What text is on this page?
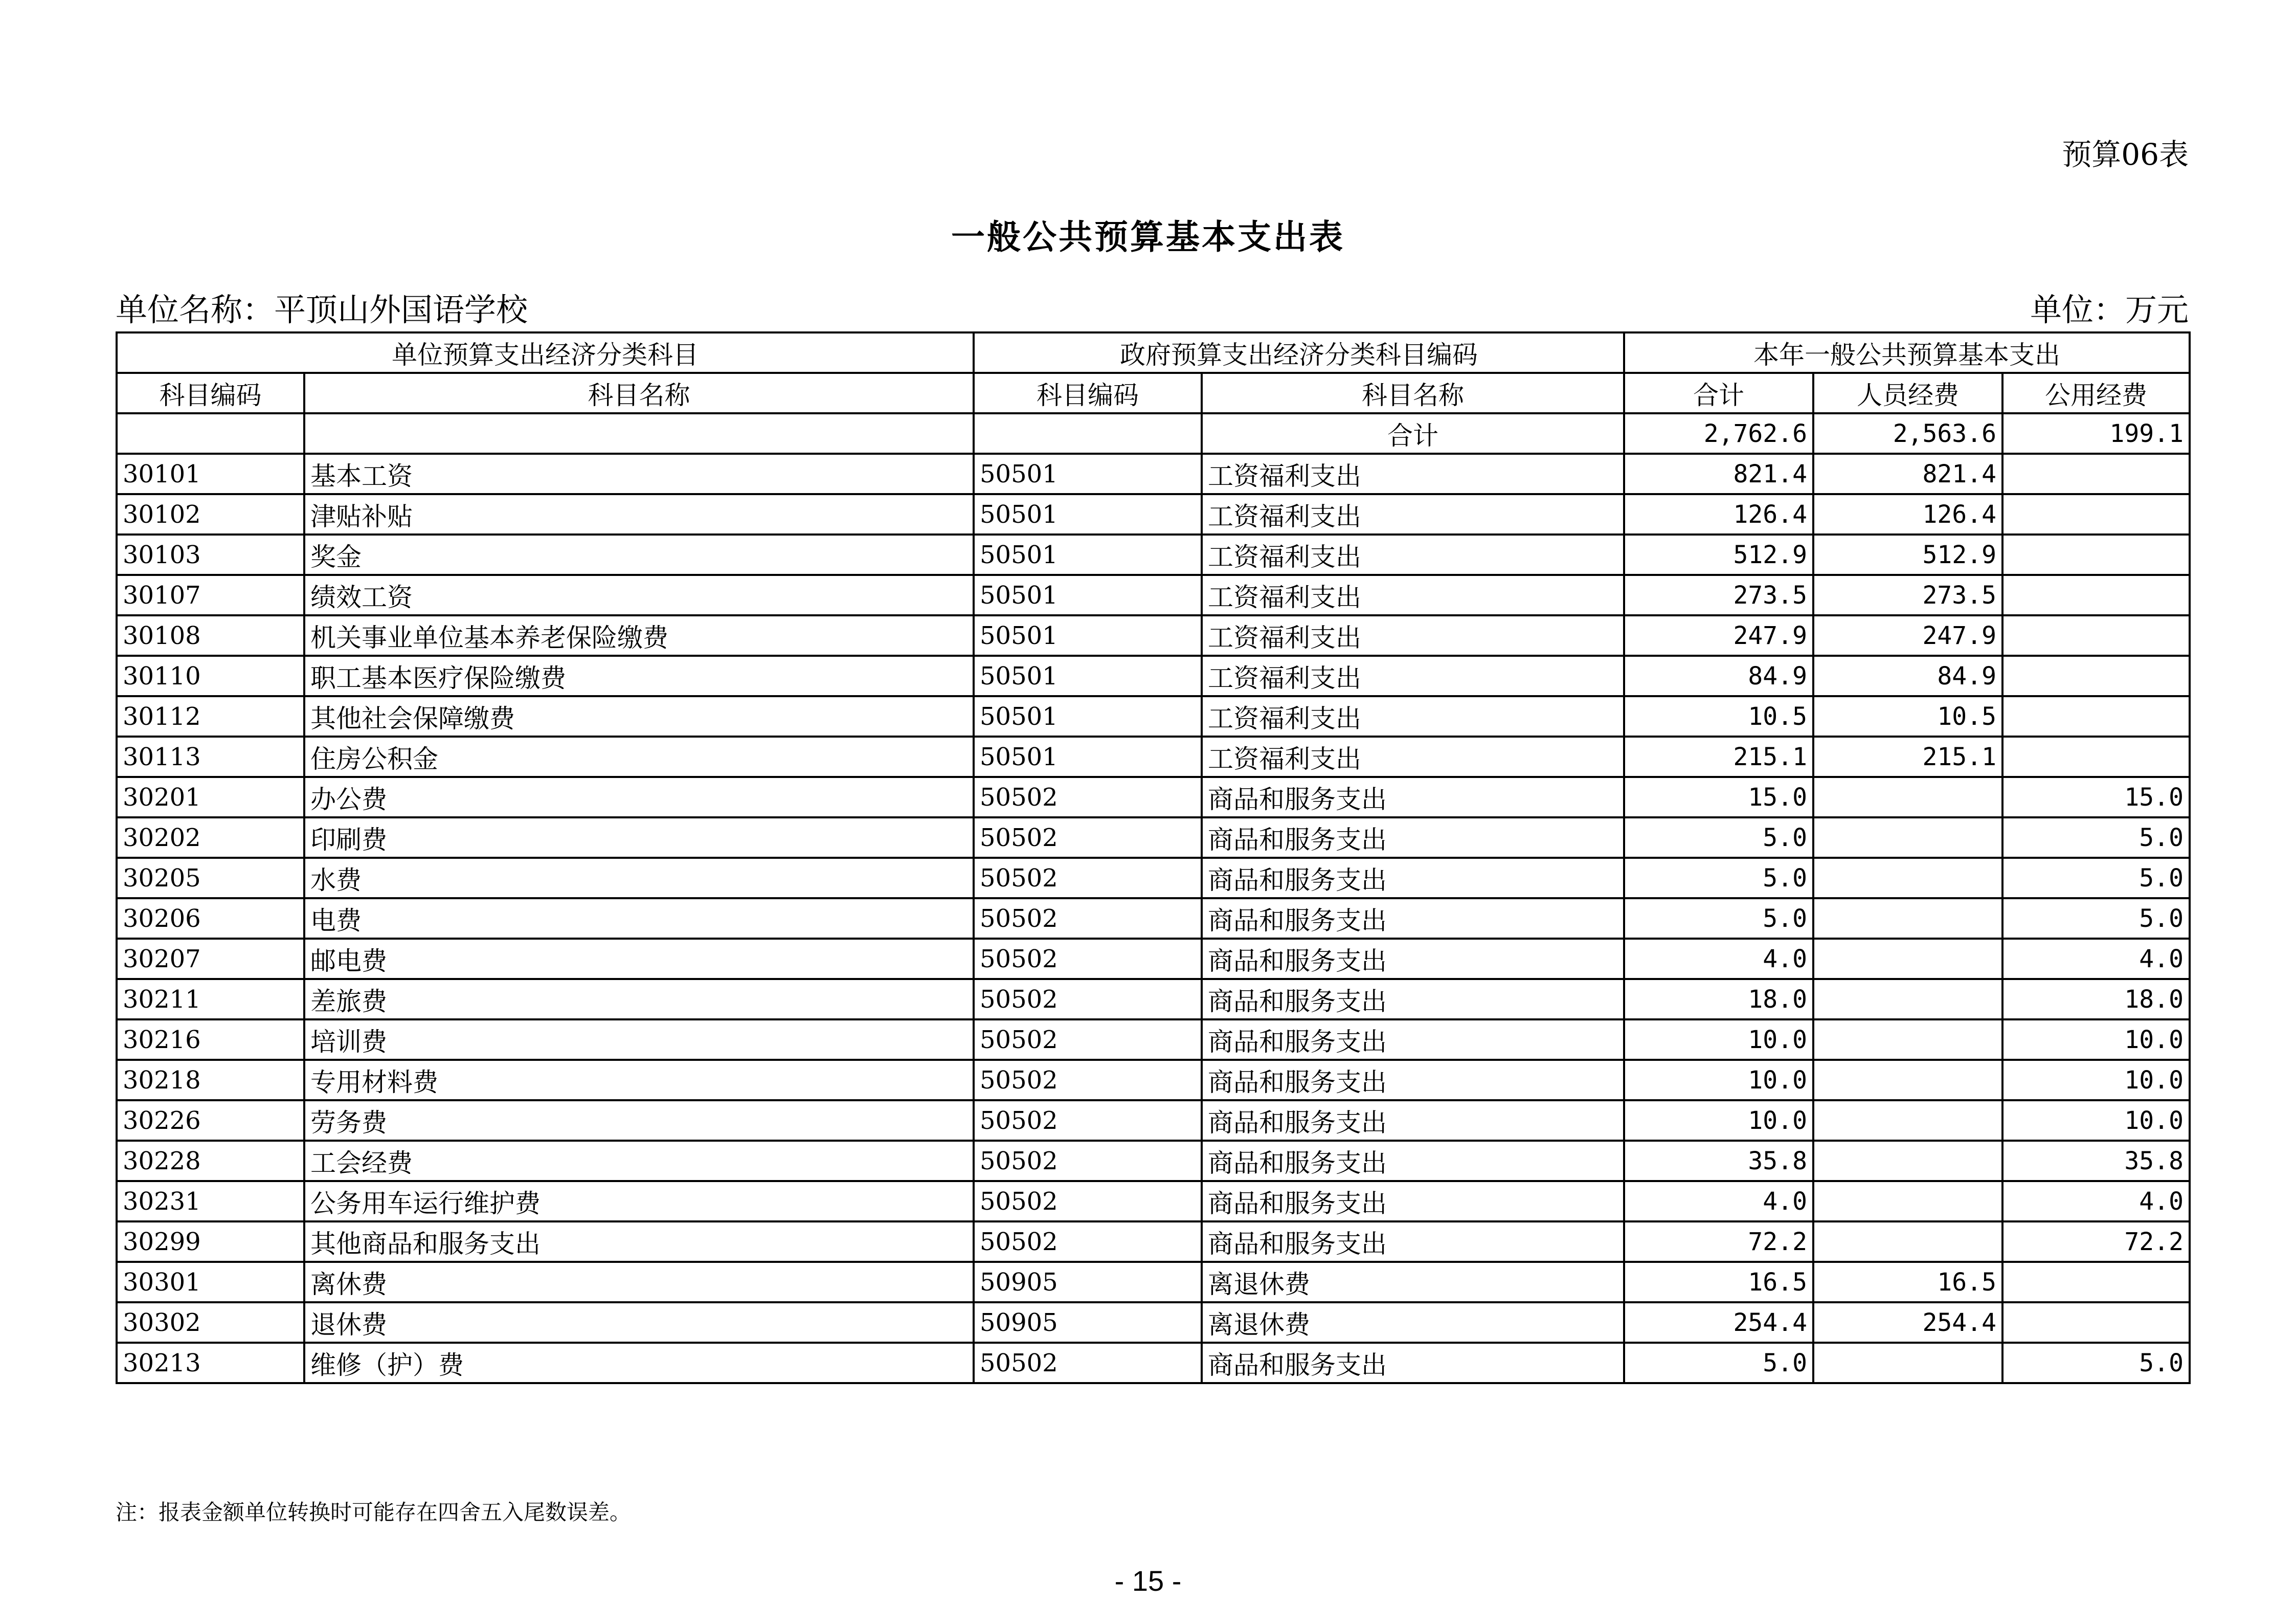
预算06表
一般公共预算基本支出表
单位名称：平顶山外国语学校	单位：万元
单位预算支出经济分类科目		政府预算支出经济分类科目编码		本年一般公共预算基本支出		
科目编码	科目名称	科目编码	科目名称	合计	人员经费	公用经费
			合计	2,762.6	2,563.6	199.1
30101	基本工资	50501	工资福利支出	821.4	821.4	
30102	津贴补贴	50501	工资福利支出	126.4	126.4	
30103	奖金	50501	工资福利支出	512.9	512.9	
30107	绩效工资	50501	工资福利支出	273.5	273.5	
30108	机关事业单位基本养老保险缴费	50501	工资福利支出	247.9	247.9	
30110	职工基本医疗保险缴费	50501	工资福利支出	84.9	84.9	
30112	其他社会保障缴费	50501	工资福利支出	10.5	10.5	
30113	住房公积金	50501	工资福利支出	215.1	215.1	
30201	办公费	50502	商品和服务支出	15.0		15.0
30202	印刷费	50502	商品和服务支出	5.0		5.0
30205	水费	50502	商品和服务支出	5.0		5.0
30206	电费	50502	商品和服务支出	5.0		5.0
30207	邮电费	50502	商品和服务支出	4.0		4.0
30211	差旅费	50502	商品和服务支出	18.0		18.0
30216	培训费	50502	商品和服务支出	10.0		10.0
30218	专用材料费	50502	商品和服务支出	10.0		10.0
30226	劳务费	50502	商品和服务支出	10.0		10.0
30228	工会经费	50502	商品和服务支出	35.8		35.8
30231	公务用车运行维护费	50502	商品和服务支出	4.0		4.0
30299	其他商品和服务支出	50502	商品和服务支出	72.2		72.2
30301	离休费	50905	离退休费	16.5	16.5	
30302	退休费	50905	离退休费	254.4	254.4	
30213	维修（护）费	50502	商品和服务支出	5.0		5.0
注：报表金额单位转换时可能存在四舍五入尾数误差。
- 15 -
